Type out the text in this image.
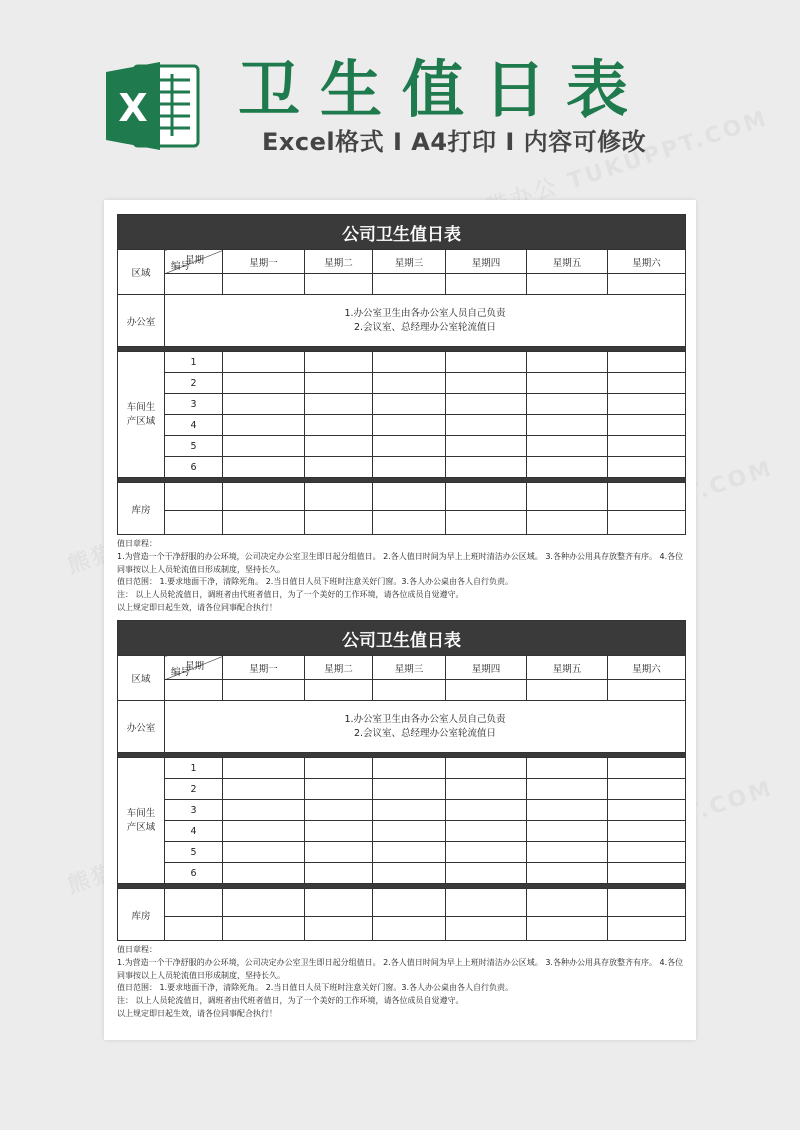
X 卫生值日表
Excel格式 I A4打印 I 内容可修改
公司卫生值日表							
区域	星期
编号	星期一	星期二	星期三	星期四	星期五	星期六

办公室	1.办公室卫生由各办公室人员自己负责
2.会议室、总经理办公室轮流值日						

车间生产区域	1						
	2						
	3						
	4						
	5						
	6						

库房							

值日章程：
1.为营造一个干净舒服的办公环境，公司决定办公室卫生即日起分组值日。 2.各人值日时间为早上上班时清洁办公区域。 3.各种办公用具存放整齐有序。 4.各位
同事按以上人员轮流值日形成制度，坚持长久。
值日范围： 1.要求地面干净，清除死角。 2.当日值日人员下班时注意关好门窗。3.各人办公桌由各人自行负责。
注： 以上人员轮流值日，调班者由代班者值日，为了一个美好的工作环境，请各位成员自觉遵守。
以上规定即日起生效，请各位同事配合执行！
公司卫生值日表							
区域	星期
编号	星期一	星期二	星期三	星期四	星期五	星期六

办公室	1.办公室卫生由各办公室人员自己负责
2.会议室、总经理办公室轮流值日						

车间生产区域	1						
	2						
	3						
	4						
	5						
	6						

库房							

值日章程：
1.为营造一个干净舒服的办公环境，公司决定办公室卫生即日起分组值日。 2.各人值日时间为早上上班时清洁办公区域。 3.各种办公用具存放整齐有序。 4.各位
同事按以上人员轮流值日形成制度，坚持长久。
值日范围： 1.要求地面干净，清除死角。 2.当日值日人员下班时注意关好门窗。3.各人办公桌由各人自行负责。
注： 以上人员轮流值日，调班者由代班者值日，为了一个美好的工作环境，请各位成员自觉遵守。
以上规定即日起生效，请各位同事配合执行！
